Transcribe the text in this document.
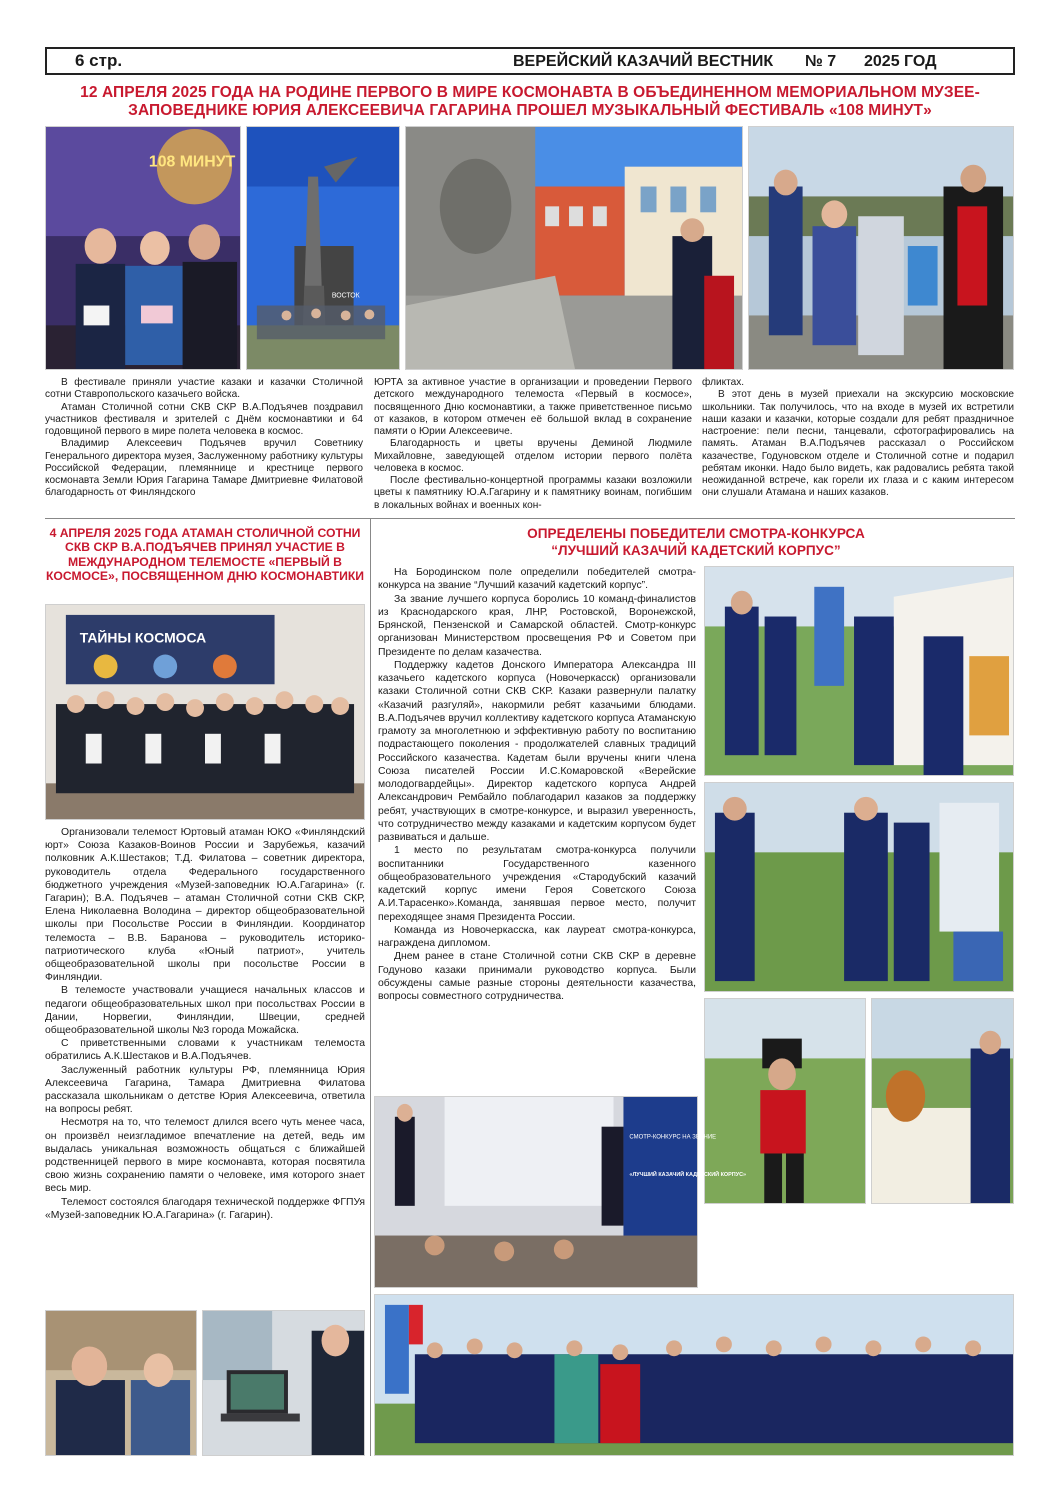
6 стр.	ВЕРЕЙСКИЙ КАЗАЧИЙ ВЕСТНИК № 7 2025 ГОД
12 АПРЕЛЯ 2025 ГОДА НА РОДИНЕ ПЕРВОГО В МИРЕ КОСМОНАВТА В ОБЪЕДИНЕННОМ МЕМОРИАЛЬНОМ МУЗЕЕ-ЗАПОВЕДНИКЕ ЮРИЯ АЛЕКСЕЕВИЧА ГАГАРИНА ПРОШЕЛ МУЗЫКАЛЬНЫЙ ФЕСТИВАЛЬ «108 МИНУТ»
108 МИНУТ
ВОСТОК

В фестивале приняли участие казаки и казачки Столичной сотни Ставропольского казачьего войска.

Атаман Столичной сотни СКВ СКР В.А.Подъячев поздравил участников фестиваля и зрителей с Днём космонавтики и 64 годовщиной первого в мире полета человека в космос.

Владимир Алексеевич Подъячев вручил Советнику Генерального директора музея, Заслуженному работнику культуры Российской Федерации, племяннице и крестнице первого космонавта Земли Юрия Гагарина Тамаре Дмитриевне Филатовой благодарность от Финляндского

ЮРТА за активное участие в организации и проведении Первого детского международного телемоста «Первый в космосе», посвященного Дню космонавтики, а также приветственное письмо от казаков, в котором отмечен её большой вклад в сохранение памяти о Юрии Алексеевиче.

Благодарность и цветы вручены Деминой Людмиле Михайловне, заведующей отделом истории первого полёта человека в космос.

После фестивально-концертной программы казаки возложили цветы к памятнику Ю.А.Гагарину и к памятнику воинам, погибшим в локальных войнах и военных кон-

фликтах.

В этот день в музей приехали на экскурсию московские школьники. Так получилось, что на входе в музей их встретили наши казаки и казачки, которые создали для ребят праздничное настроение: пели песни, танцевали, сфотографировались на память. Атаман В.А.Подъячев рассказал о Российском казачестве, Годуновском отделе и Столичной сотне и подарил ребятам иконки. Надо было видеть, как радовались ребята такой неожиданной встрече, как горели их глаза и с каким интересом они слушали Атамана и наших казаков.

4 АПРЕЛЯ 2025 ГОДА АТАМАН СТОЛИЧНОЙ СОТНИ СКВ СКР В.А.ПОДЪЯЧЕВ ПРИНЯЛ УЧАСТИЕ В МЕЖДУНАРОДНОМ ТЕЛЕМОСТЕ «ПЕРВЫЙ В КОСМОСЕ», ПОСВЯЩЕННОМ ДНЮ КОСМОНАВТИКИ
ТАЙНЫ КОСМОСА

Организовали телемост Юртовый атаман ЮКО «Финляндский юрт» Союза Казаков-Воинов России и Зарубежья, казачий полковник А.К.Шестаков; Т.Д. Филатова – советник директора, руководитель отдела Федерального государственного бюджетного учреждения «Музей-заповедник Ю.А.Гагарина» (г. Гагарин); В.А. Подъячев – атаман Столичной сотни СКВ СКР, Елена Николаевна Володина – директор общеобразовательной школы при Посольстве России в Финляндии. Координатор телемоста – В.В. Баранова – руководитель историко-патриотического клуба «Юный патриот», учитель общеобразовательной школы при посольстве России в Финляндии.

В телемосте участвовали учащиеся начальных классов и педагоги общеобразовательных школ при посольствах России в Дании, Норвегии, Финляндии, Швеции, средней общеобразовательной школы №3 города Можайска.

С приветственными словами к участникам телемоста обратились А.К.Шестаков и В.А.Подъячев.

Заслуженный работник культуры РФ, племянница Юрия Алексеевича Гагарина, Тамара Дмитриевна Филатова рассказала школьникам о детстве Юрия Алексеевича, ответила на вопросы ребят.

Несмотря на то, что телемост длился всего чуть менее часа, он произвёл неизгладимое впечатление на детей, ведь им выдалась уникальная возможность общаться с ближайшей родственницей первого в мире космонавта, которая посвятила свою жизнь сохранению памяти о человеке, имя которого знает весь мир.

Телемост состоялся благодаря технической поддержке ФГПУя «Музей-заповедник Ю.А.Гагарина» (г. Гагарин).

ОПРЕДЕЛЕНЫ ПОБЕДИТЕЛИ СМОТРА-КОНКУРСА
“ЛУЧШИЙ КАЗАЧИЙ КАДЕТСКИЙ КОРПУС”

На Бородинском поле определили победителей смотра-конкурса на звание “Лучший казачий кадетский корпус”.

За звание лучшего корпуса боролись 10 команд-финалистов из Краснодарского края, ЛНР, Ростовской, Воронежской, Брянской, Пензенской и Самарской областей. Смотр-конкурс организован Министерством просвещения РФ и Советом при Президенте по делам казачества.

Поддержку кадетов Донского Императора Александра III казачьего кадетского корпуса (Новочеркасск) организовали казаки Столичной сотни СКВ СКР. Казаки развернули палатку «Казачий разгуляй», накормили ребят казачьими блюдами. В.А.Подъячев вручил коллективу кадетского корпуса Атаманскую грамоту за многолетнюю и эффективную работу по воспитанию подрастающего поколения - продолжателей славных традиций Российского казачества. Кадетам были вручены книги члена Союза писателей России И.С.Комаровской «Верейские молодогвардейцы». Директор кадетского корпуса Андрей Александрович Рембайло поблагодарил казаков за поддержку ребят, участвующих в смотре-конкурсе, и выразил уверенность, что сотрудничество между казаками и кадетским корпусом будет развиваться и дальше.

1 место по результатам смотра-конкурса получили воспитанники Государственного казенного общеобразовательного учреждения «Стародубский казачий кадетский корпус имени Героя Советского Союза А.И.Тарасенко».Команда, занявшая первое место, получит переходящее знамя Президента России.

Команда из Новочеркасска, как лауреат смотра-конкурса, награждена дипломом.

Днем ранее в стане Столичной сотни СКВ СКР в деревне Годуново казаки принимали руководство корпуса. Были обсуждены самые разные стороны деятельности казачества, вопросы совместного сотрудничества.

СМОТР-КОНКУРС НА ЗВАНИЕ
«ЛУЧШИЙ КАЗАЧИЙ КАДЕТСКИЙ КОРПУС»
